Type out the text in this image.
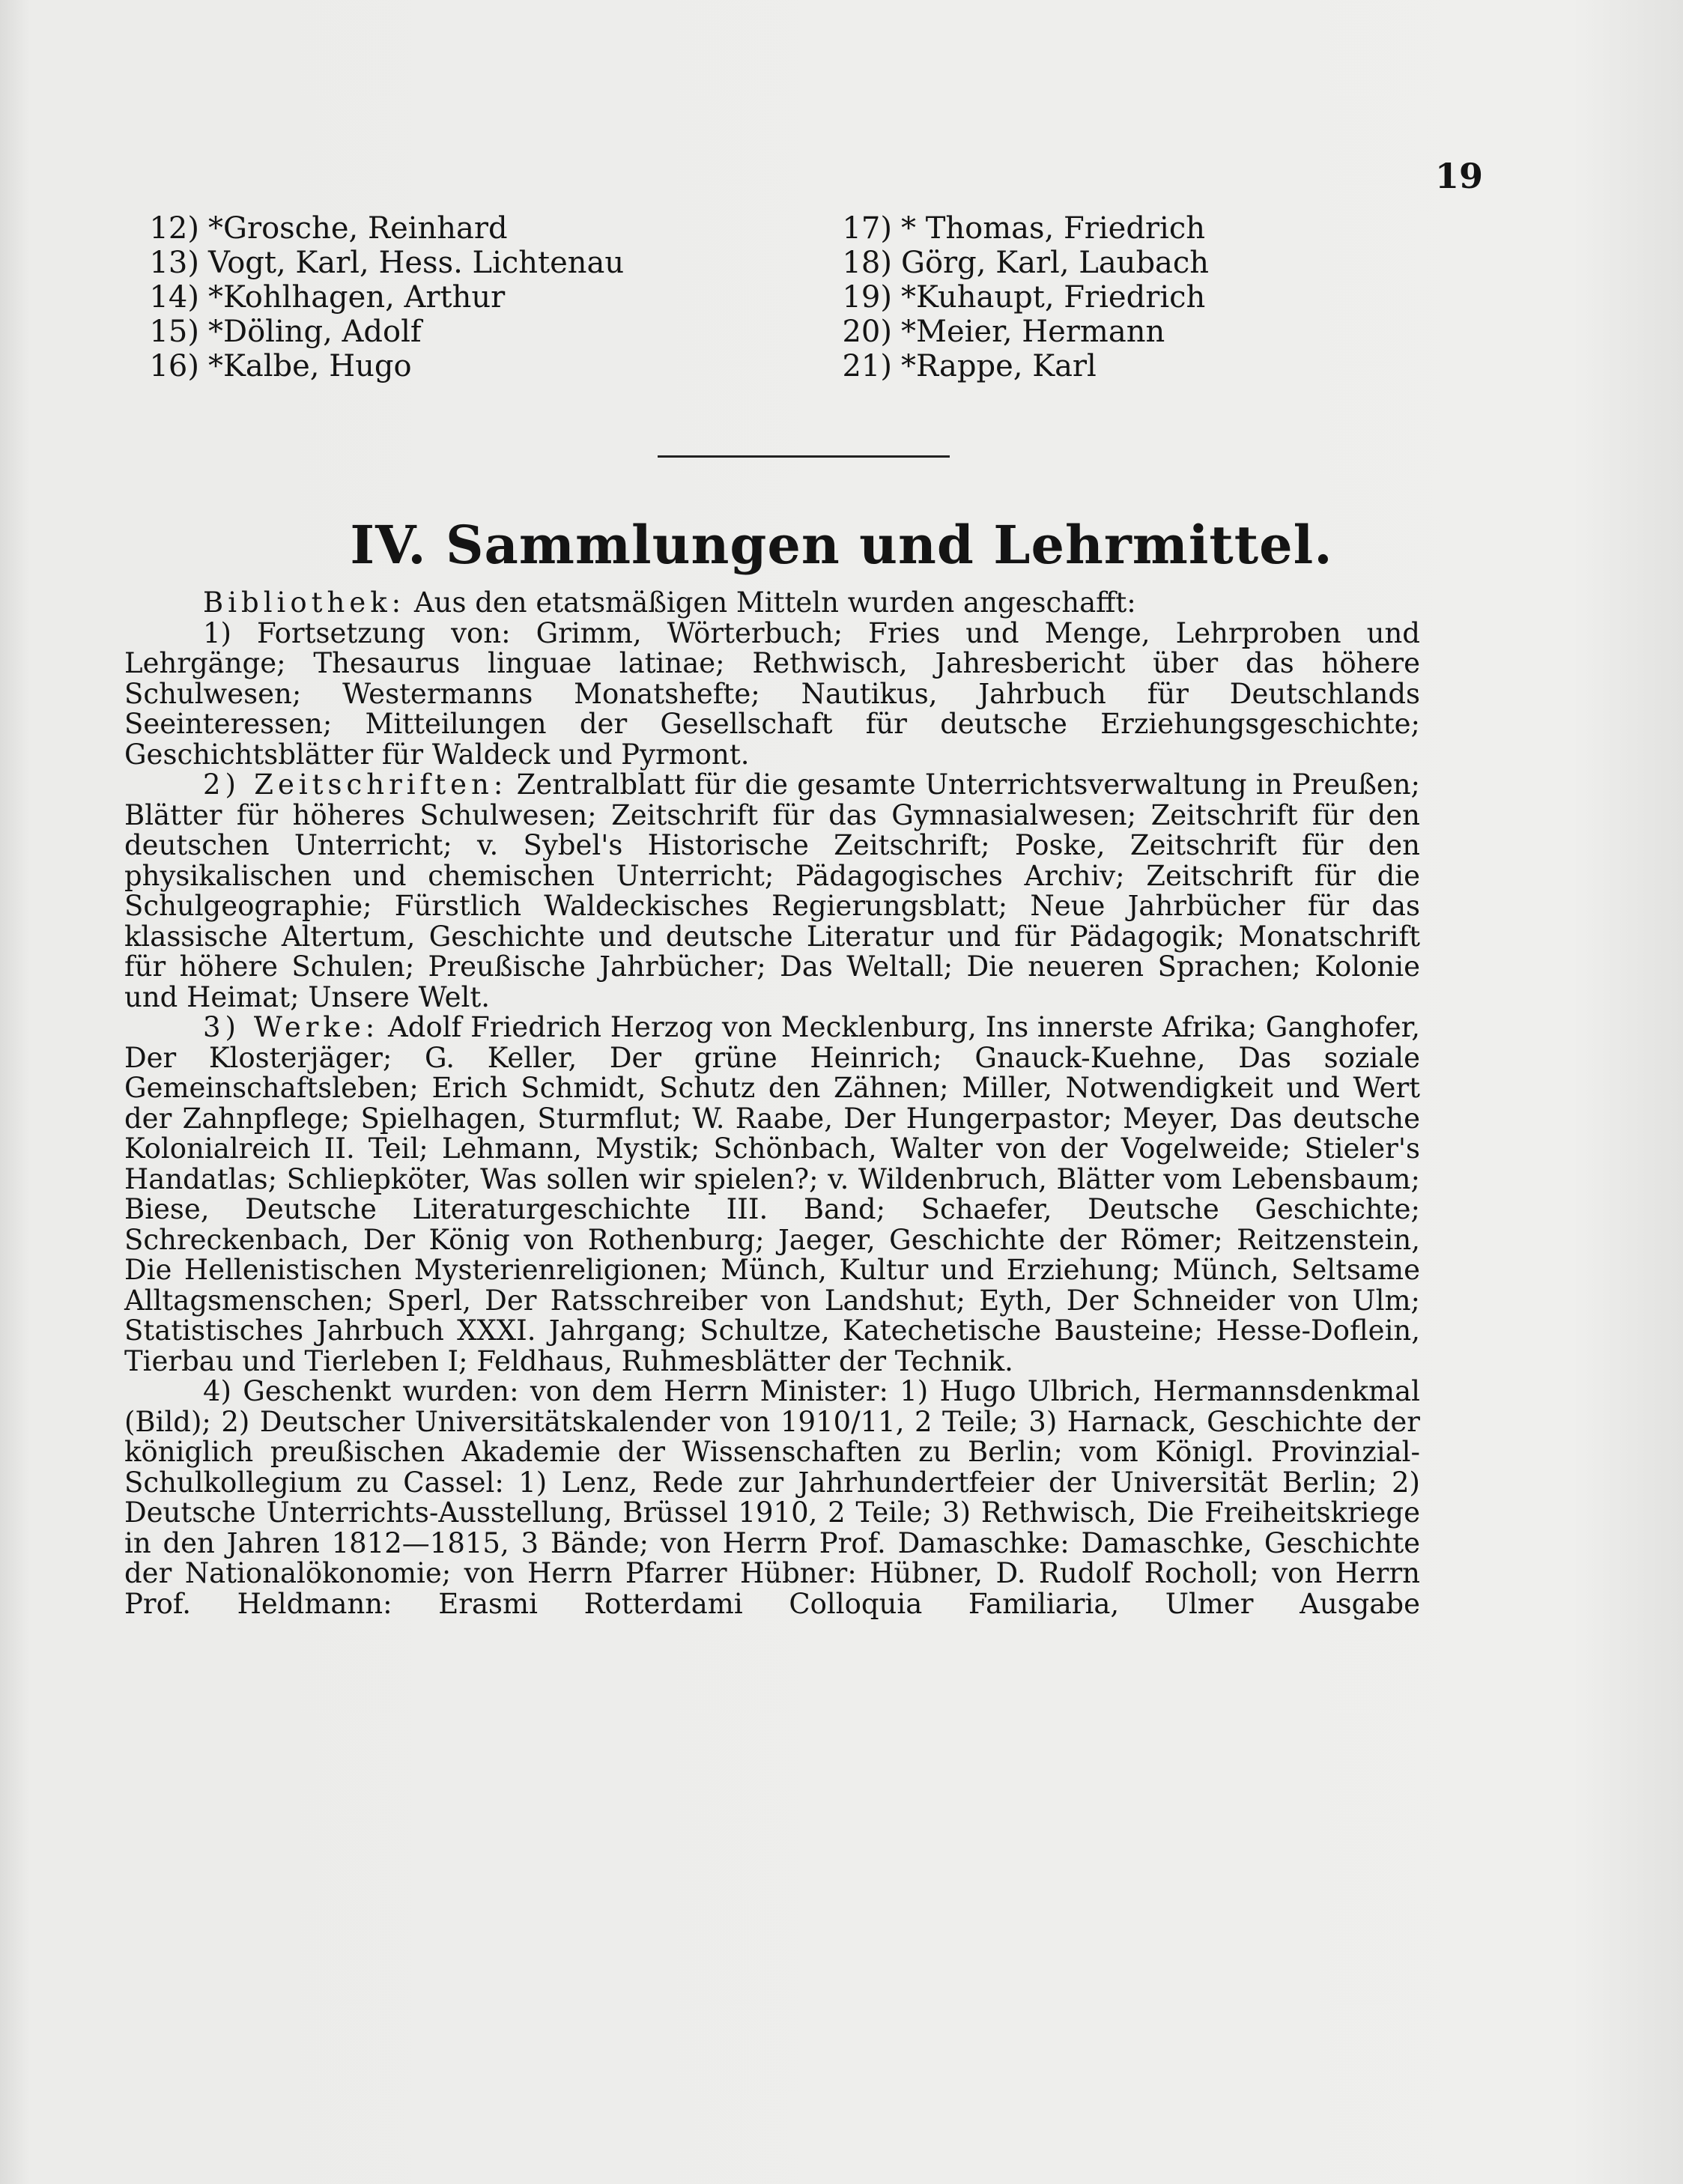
19
12) *Grosche, Reinhard
13) Vogt, Karl, Hess. Lichtenau
14) *Kohlhagen, Arthur
15) *Döling, Adolf
16) *Kalbe, Hugo
17) * Thomas, Friedrich
18) Görg, Karl, Laubach
19) *Kuhaupt, Friedrich
20) *Meier, Hermann
21) *Rappe, Karl
IV. Sammlungen und Lehrmittel.

Bibliothek: Aus den etatsmäßigen Mitteln wurden angeschafft:

1) Fortsetzung von: Grimm, Wörterbuch; Fries und Menge, Lehrproben und Lehrgänge; Thesaurus linguae latinae; Rethwisch, Jahresbericht über das höhere Schulwesen; Westermanns Monatshefte; Nautikus, Jahrbuch für Deutschlands Seeinteressen; Mitteilungen der Gesellschaft für deutsche Erziehungsgeschichte; Geschichtsblätter für Waldeck und Pyrmont.

2) Zeitschriften: Zentralblatt für die gesamte Unterrichtsverwaltung in Preußen; Blätter für höheres Schulwesen; Zeitschrift für das Gymnasialwesen; Zeitschrift für den deutschen Unterricht; v. Sybel's Historische Zeitschrift; Poske, Zeitschrift für den physikalischen und chemischen Unterricht; Pädagogisches Archiv; Zeitschrift für die Schulgeographie; Fürstlich Waldeckisches Regierungsblatt; Neue Jahrbücher für das klassische Altertum, Geschichte und deutsche Literatur und für Pädagogik; Monatschrift für höhere Schulen; Preußische Jahrbücher; Das Weltall; Die neueren Sprachen; Kolonie und Heimat; Unsere Welt.

3) Werke: Adolf Friedrich Herzog von Mecklenburg, Ins innerste Afrika; Ganghofer, Der Klosterjäger; G. Keller, Der grüne Heinrich; Gnauck-Kuehne, Das soziale Gemeinschaftsleben; Erich Schmidt, Schutz den Zähnen; Miller, Notwendigkeit und Wert der Zahnpflege; Spielhagen, Sturmflut; W. Raabe, Der Hungerpastor; Meyer, Das deutsche Kolonialreich II. Teil; Lehmann, Mystik; Schönbach, Walter von der Vogelweide; Stieler's Handatlas; Schliepköter, Was sollen wir spielen?; v. Wildenbruch, Blätter vom Lebensbaum; Biese, Deutsche Literaturgeschichte III. Band; Schaefer, Deutsche Geschichte; Schreckenbach, Der König von Rothenburg; Jaeger, Geschichte der Römer; Reitzenstein, Die Hellenistischen Mysterienreligionen; Münch, Kultur und Erziehung; Münch, Seltsame Alltagsmenschen; Sperl, Der Ratsschreiber von Landshut; Eyth, Der Schneider von Ulm; Statistisches Jahrbuch XXXI. Jahrgang; Schultze, Katechetische Bausteine; Hesse-Doflein, Tierbau und Tierleben I; Feldhaus, Ruhmesblätter der Technik.

4) Geschenkt wurden: von dem Herrn Minister: 1) Hugo Ulbrich, Hermannsdenkmal (Bild); 2) Deutscher Universitätskalender von 1910/11, 2 Teile; 3) Harnack, Geschichte der königlich preußischen Akademie der Wissenschaften zu Berlin; vom Königl. Provinzial-Schulkollegium zu Cassel: 1) Lenz, Rede zur Jahrhundertfeier der Universität Berlin; 2) Deutsche Unterrichts-Ausstellung, Brüssel 1910, 2 Teile; 3) Rethwisch, Die Freiheitskriege in den Jahren 1812—1815, 3 Bände; von Herrn Prof. Damaschke: Damaschke, Geschichte der Nationalökonomie; von Herrn Pfarrer Hübner: Hübner, D. Rudolf Rocholl; von Herrn Prof. Heldmann: Erasmi Rotterdami Colloquia Familiaria, Ulmer Ausgabe
